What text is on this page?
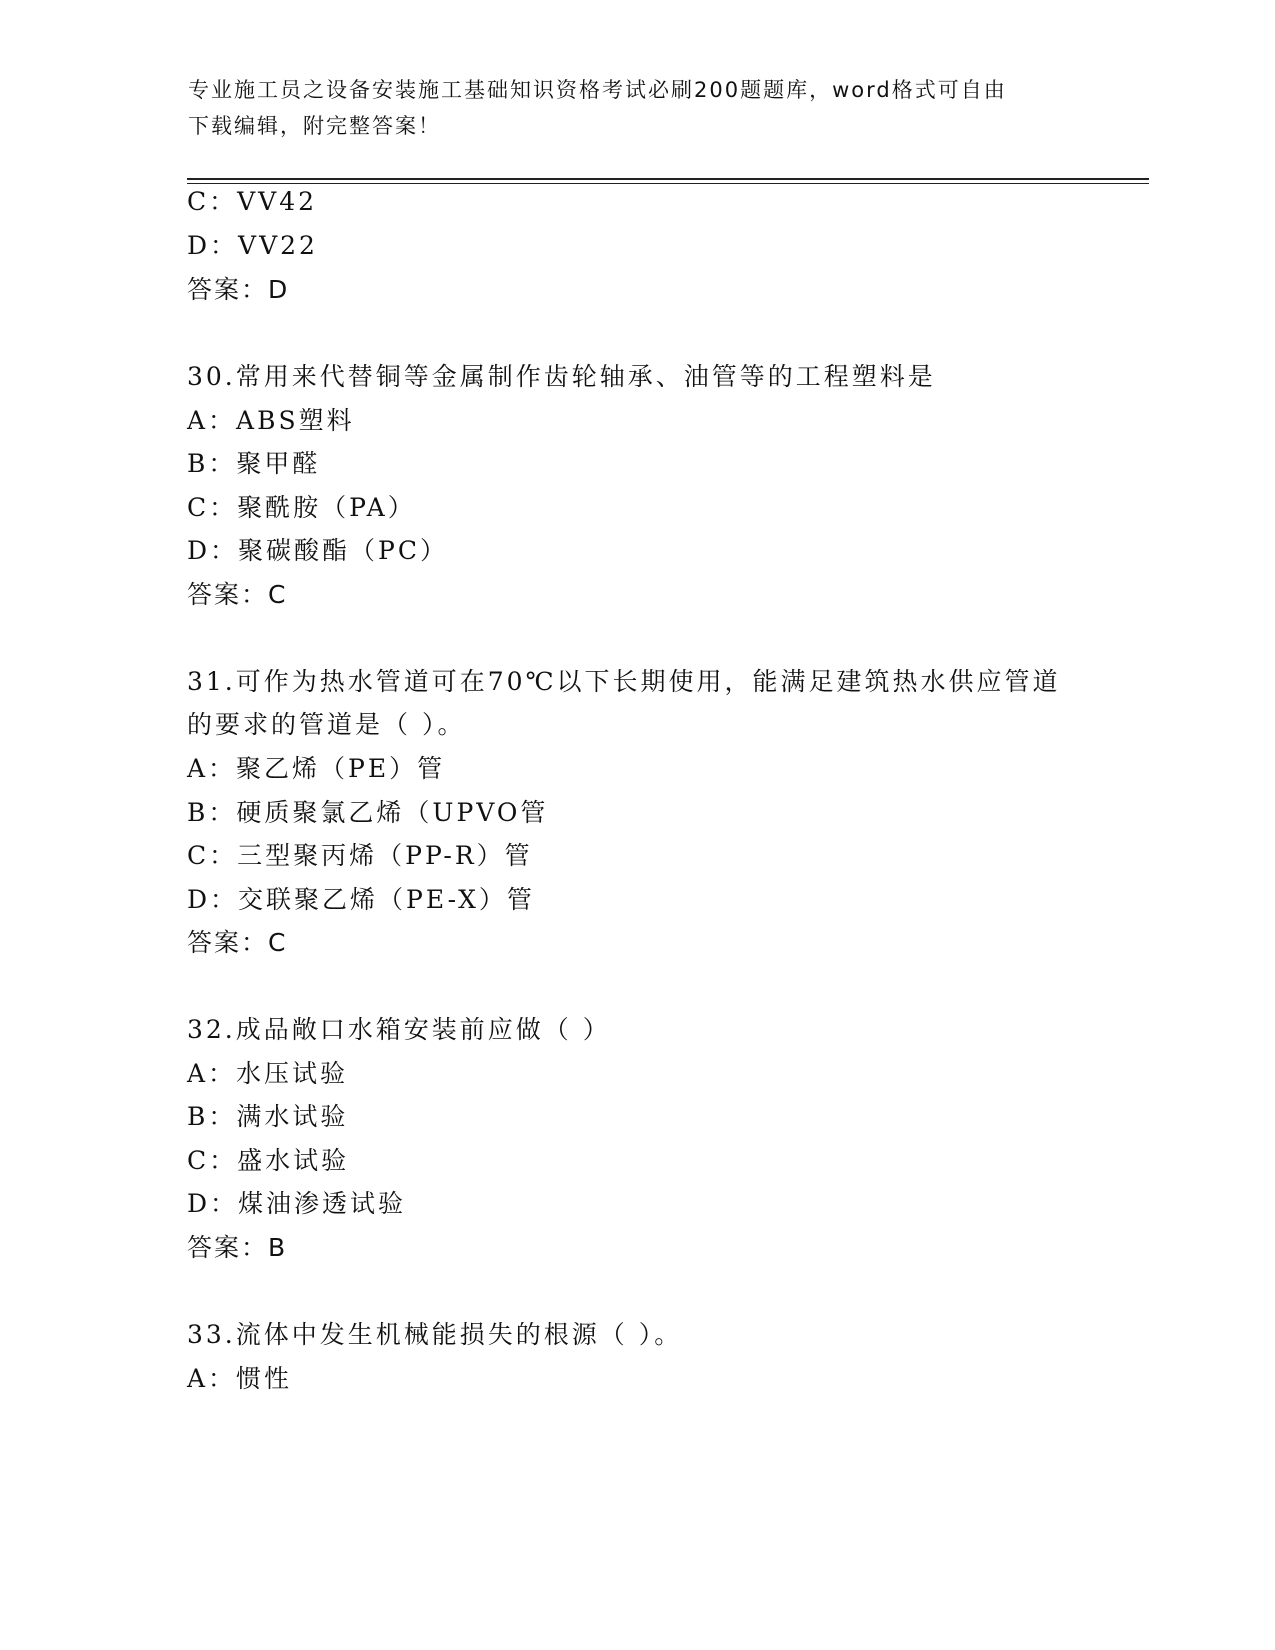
专业施工员之设备安装施工基础知识资格考试必刷200题题库，word格式可自由
下载编辑，附完整答案！
C：VV42
D：VV22
答案：D
30.常用来代替铜等金属制作齿轮轴承、油管等的工程塑料是
A：ABS塑料
B：聚甲醛
C：聚酰胺（PA）
D：聚碳酸酯（PC）
答案：C
31.可作为热水管道可在70℃以下长期使用，能满足建筑热水供应管道
的要求的管道是（ ）。
A：聚乙烯（PE）管
B：硬质聚氯乙烯（UPVO管
C：三型聚丙烯（PP-R）管
D：交联聚乙烯（PE-X）管
答案：C
32.成品敞口水箱安装前应做（ ）
A：水压试验
B：满水试验
C：盛水试验
D：煤油渗透试验
答案：B
33.流体中发生机械能损失的根源（ ）。
A：惯性
